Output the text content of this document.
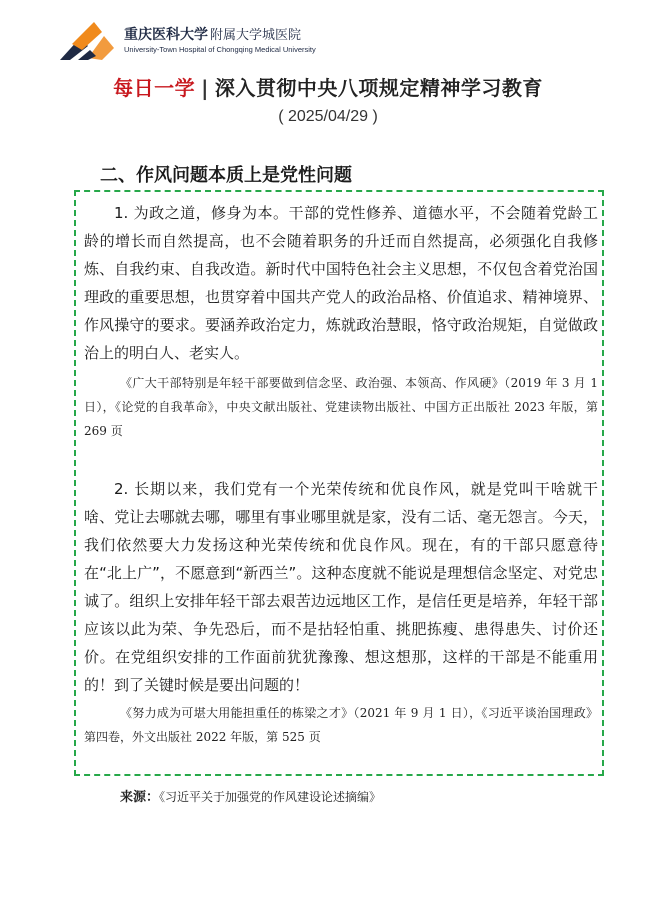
重庆医科大学 附属大学城医院
University-Town Hospital of Chongqing Medical University
每日一学 | 深入贯彻中央八项规定精神学习教育
( 2025/04/29 )
二、作风问题本质上是党性问题

1. 为政之道，修身为本。干部的党性修养、道德水平，不会随着党龄工龄的增长而自然提高，也不会随着职务的升迁而自然提高，必须强化自我修炼、自我约束、自我改造。新时代中国特色社会主义思想，不仅包含着党治国理政的重要思想，也贯穿着中国共产党人的政治品格、价值追求、精神境界、作风操守的要求。要涵养政治定力，炼就政治慧眼，恪守政治规矩，自觉做政治上的明白人、老实人。

《广大干部特别是年轻干部要做到信念坚、政治强、本领高、作风硬》（2019 年 3 月 1 日），《论党的自我革命》，中央文献出版社、党建读物出版社、中国方正出版社 2023 年版，第 269 页

2. 长期以来，我们党有一个光荣传统和优良作风，就是党叫干啥就干啥、党让去哪就去哪，哪里有事业哪里就是家，没有二话、毫无怨言。今天，我们依然要大力发扬这种光荣传统和优良作风。现在，有的干部只愿意待在“北上广”，不愿意到“新西兰”。这种态度就不能说是理想信念坚定、对党忠诚了。组织上安排年轻干部去艰苦边远地区工作，是信任更是培养，年轻干部应该以此为荣、争先恐后，而不是拈轻怕重、挑肥拣瘦、患得患失、讨价还价。在党组织安排的工作面前犹犹豫豫、想这想那，这样的干部是不能重用的！到了关键时候是要出问题的！

《努力成为可堪大用能担重任的栋梁之才》（2021 年 9 月 1 日），《习近平谈治国理政》第四卷，外文出版社 2022 年版，第 525 页

来源：《习近平关于加强党的作风建设论述摘编》
